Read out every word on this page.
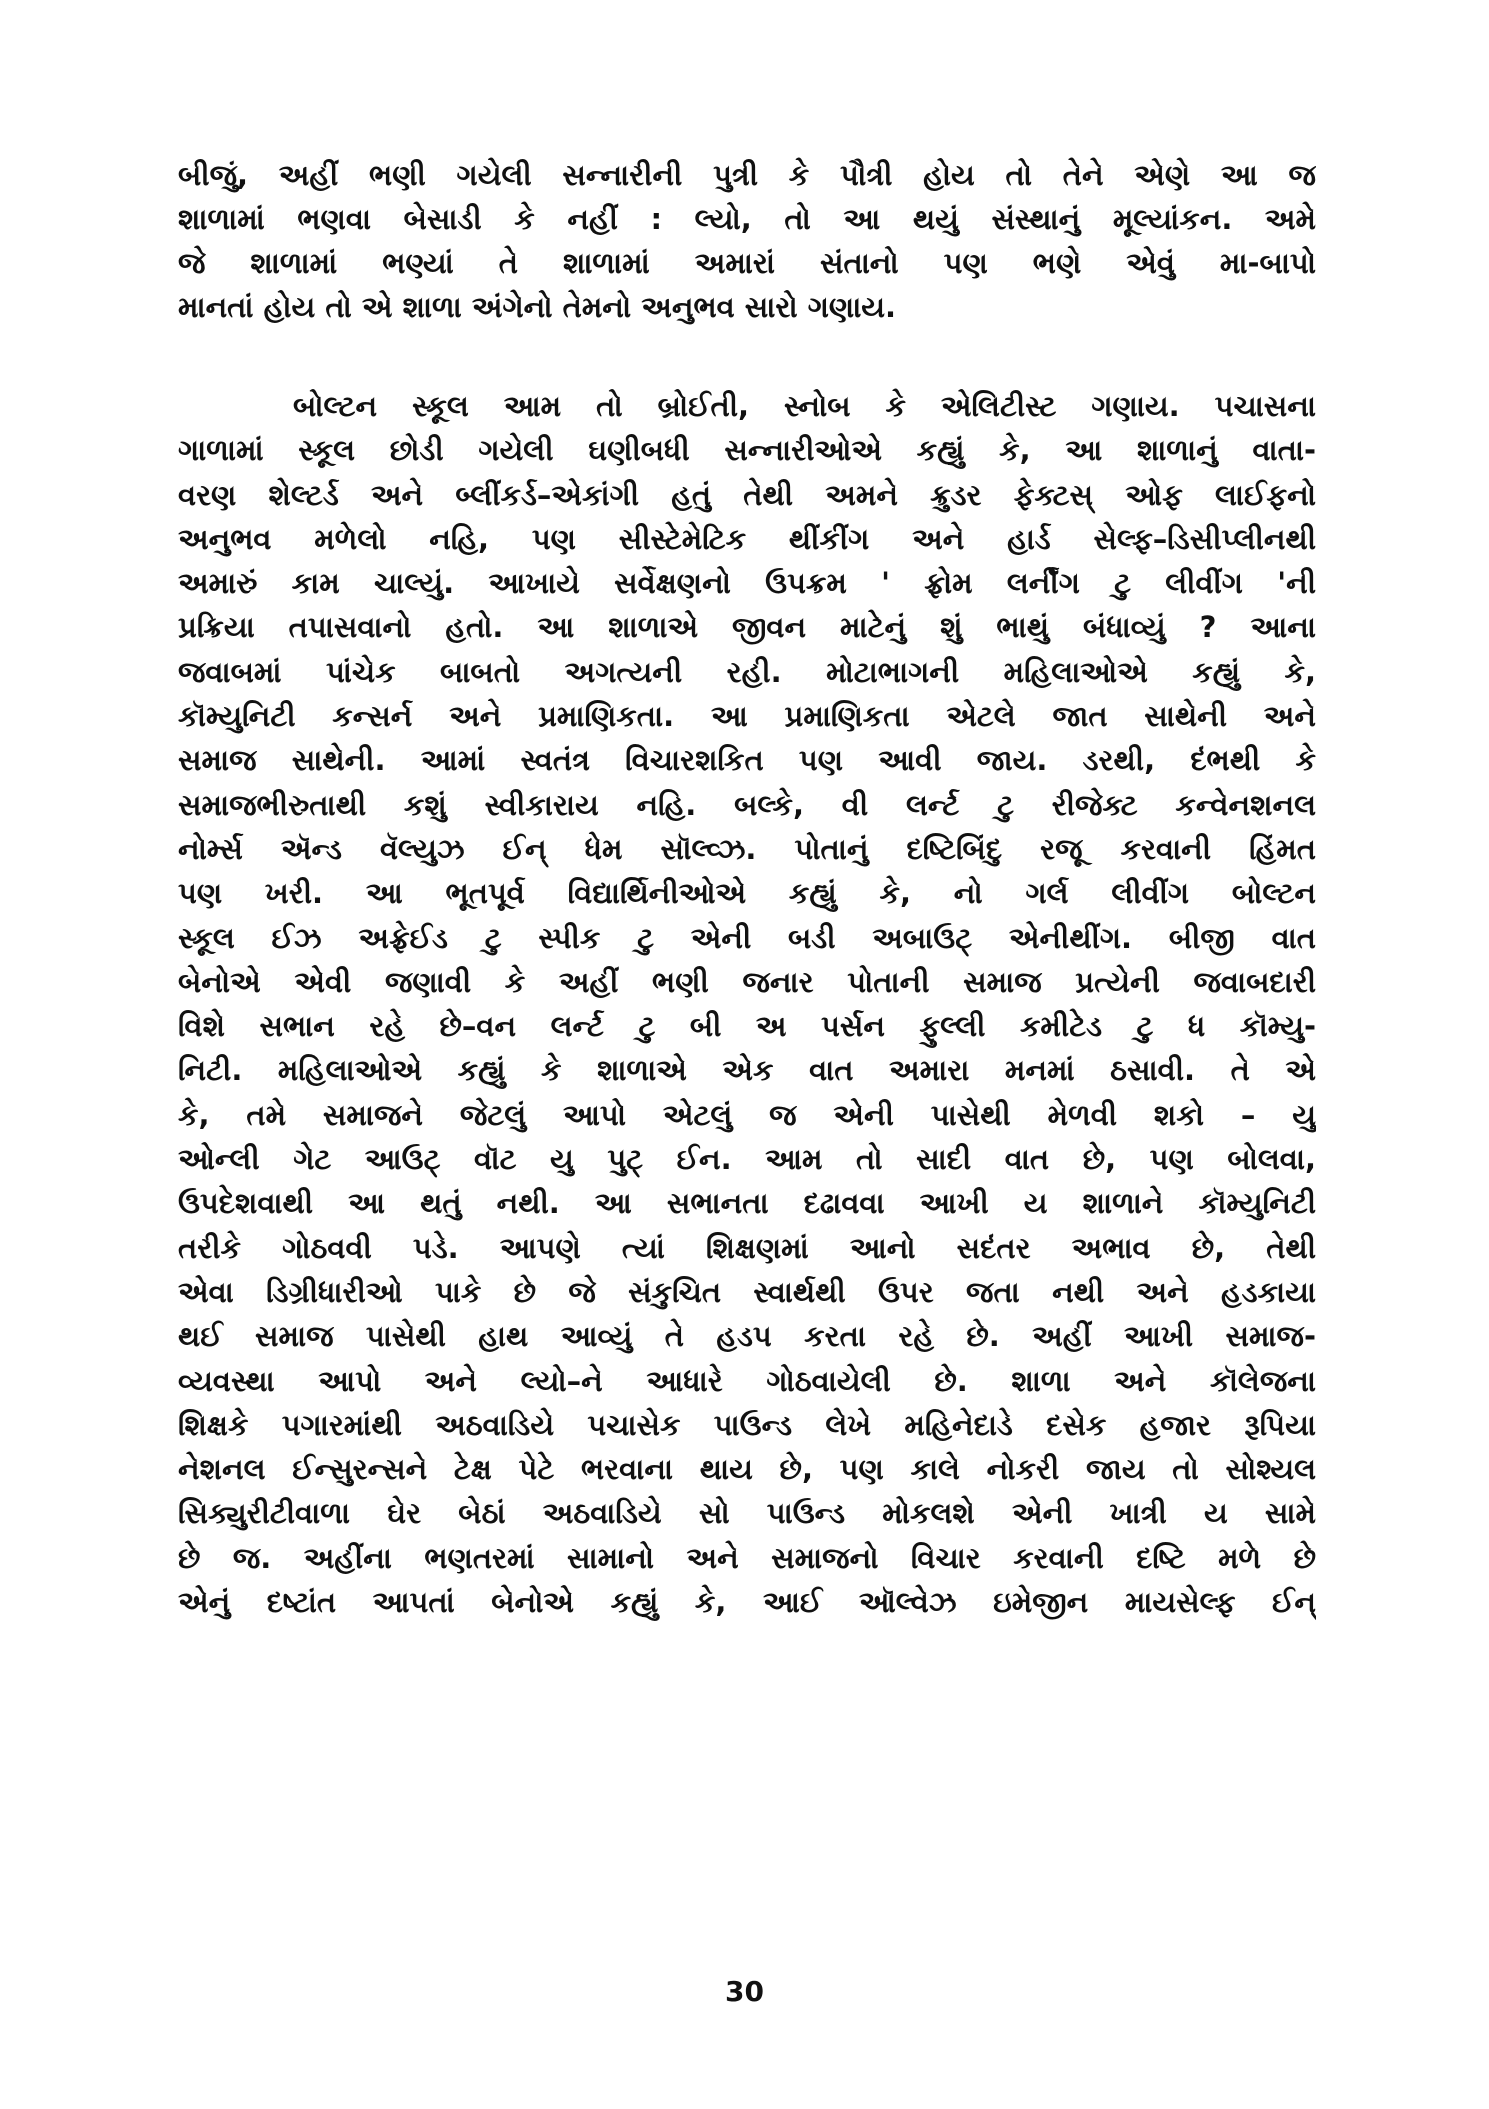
બીજું, અહીં ભણી ગયેલી સન્નારીની પુત્રી કે પૌત્રી હોય તો તેને એણે આ જ
શાળામાં ભણવા બેસાડી કે નહીં : લ્યો, તો આ થયું સંસ્થાનું મૂલ્યાંકન. અમે
જે શાળામાં ભણ્યાં તે શાળામાં અમારાં સંતાનો પણ ભણે એવું મા-બાપો
માનતાં હોય તો એ શાળા અંગેનો તેમનો અનુભવ સારો ગણાય.
બોલ્ટન સ્કૂલ આમ તો બ્રોઈતી, સ્નોબ કે એલિટીસ્ટ ગણાય. પચાસના
ગાળામાં સ્કૂલ છોડી ગયેલી ઘણીબધી સન્નારીઓએ કહ્યું કે, આ શાળાનું વાતા-
વરણ શેલ્ટર્ડ અને બ્લીંકર્ડ–એકાંગી હતું તેથી અમને ક્રુડર ફેક્ટસ્ ઓફ લાઈફનો
અનુભવ મળેલો નહિ, પણ સીસ્ટેમેટિક થીંકીંગ અને હાર્ડ સેલ્ફ–ડિસીપ્લીનથી
અમારું કામ ચાલ્યું. આખાયે સર્વેક્ષણનો ઉપક્રમ ' ફ્રોમ લર્નીંગ ટુ લીવીંગ 'ની
પ્રક્રિયા તપાસવાનો હતો. આ શાળાએ જીવન માટેનું શું ભાથું બંધાવ્યું ? આના
જવાબમાં પાંચેક બાબતો અગત્યની રહી. મોટાભાગની મહિલાઓએ કહ્યું કે,
કૉમ્યુનિટી કન્સર્ન અને પ્રમાણિકતા. આ પ્રમાણિકતા એટલે જાત સાથેની અને
સમાજ સાથેની. આમાં સ્વતંત્ર વિચારશકિત પણ આવી જાય. ડરથી, દંભથી કે
સમાજભીરુતાથી કશું સ્વીકારાય નહિ. બલ્કે, વી લર્ન્ટ ટુ રીજેક્ટ કન્વેનશનલ
નોર્મ્સ ઍન્ડ વૅલ્યુઝ ઈન્ ધેમ સૉલ્વ્ઝ. પોતાનું દષ્ટિબિંદુ રજૂ કરવાની હિંમત
પણ ખરી. આ ભૂતપૂર્વ વિદ્યાર્થિનીઓએ કહ્યું કે, નો ગર્લ લીવીંગ બોલ્ટન
સ્કૂલ ઈઝ અફ્રેઈડ ટુ સ્પીક ટુ એની બડી અબાઉટ્ એનીથીંગ. બીજી વાત
બેનોએ એવી જણાવી કે અહીં ભણી જનાર પોતાની સમાજ પ્રત્યેની જવાબદારી
વિશે સભાન રહે છે–વન લર્ન્ટ ટુ બી અ પર્સન ફુલ્લી કમીટેડ ટુ ધ કૉમ્યુ-
નિટી. મહિલાઓએ કહ્યું કે શાળાએ એક વાત અમારા મનમાં ઠસાવી. તે એ
કે, તમે સમાજને જેટલું આપો એટલું જ એની પાસેથી મેળવી શકો – યુ
ઓન્લી ગેટ આઉટ્ વૉટ યુ પુટ્ ઈન. આમ તો સાદી વાત છે, પણ બોલવા,
ઉપદેશવાથી આ થતું નથી. આ સભાનતા દઢાવવા આખી ય શાળાને કૉમ્યુનિટી
તરીકે ગોઠવવી પડે. આપણે ત્યાં શિક્ષણમાં આનો સદંતર અભાવ છે, તેથી
એવા ડિગ્રીધારીઓ પાકે છે જે સંકુચિત સ્વાર્થથી ઉપર જતા નથી અને હડકાયા
થઈ સમાજ પાસેથી હાથ આવ્યું તે હડપ કરતા રહે છે. અહીં આખી સમાજ-
વ્યવસ્થા આપો અને લ્યો–ને આધારે ગોઠવાયેલી છે. શાળા અને કૉલેજના
શિક્ષકે પગારમાંથી અઠવાડિયે પચાસેક પાઉન્ડ લેખે મહિનેદાડે દસેક હજાર રૂપિયા
નેશનલ ઈન્સુરન્સને ટેક્ષ પેટે ભરવાના થાય છે, પણ કાલે નોકરી જાય તો સોશ્યલ
સિક્યુરીટીવાળા ઘેર બેઠાં અઠવાડિયે સો પાઉન્ડ મોકલશે એની ખાત્રી ય સામે
છે જ. અહીંના ભણતરમાં સામાનો અને સમાજનો વિચાર કરવાની દષ્ટિ મળે છે
એનું દષ્ટાંત આપતાં બેનોએ કહ્યું કે, આઈ ઑલ્વેઝ ઇમેજીન માયસેલ્ફ ઈન્
30
